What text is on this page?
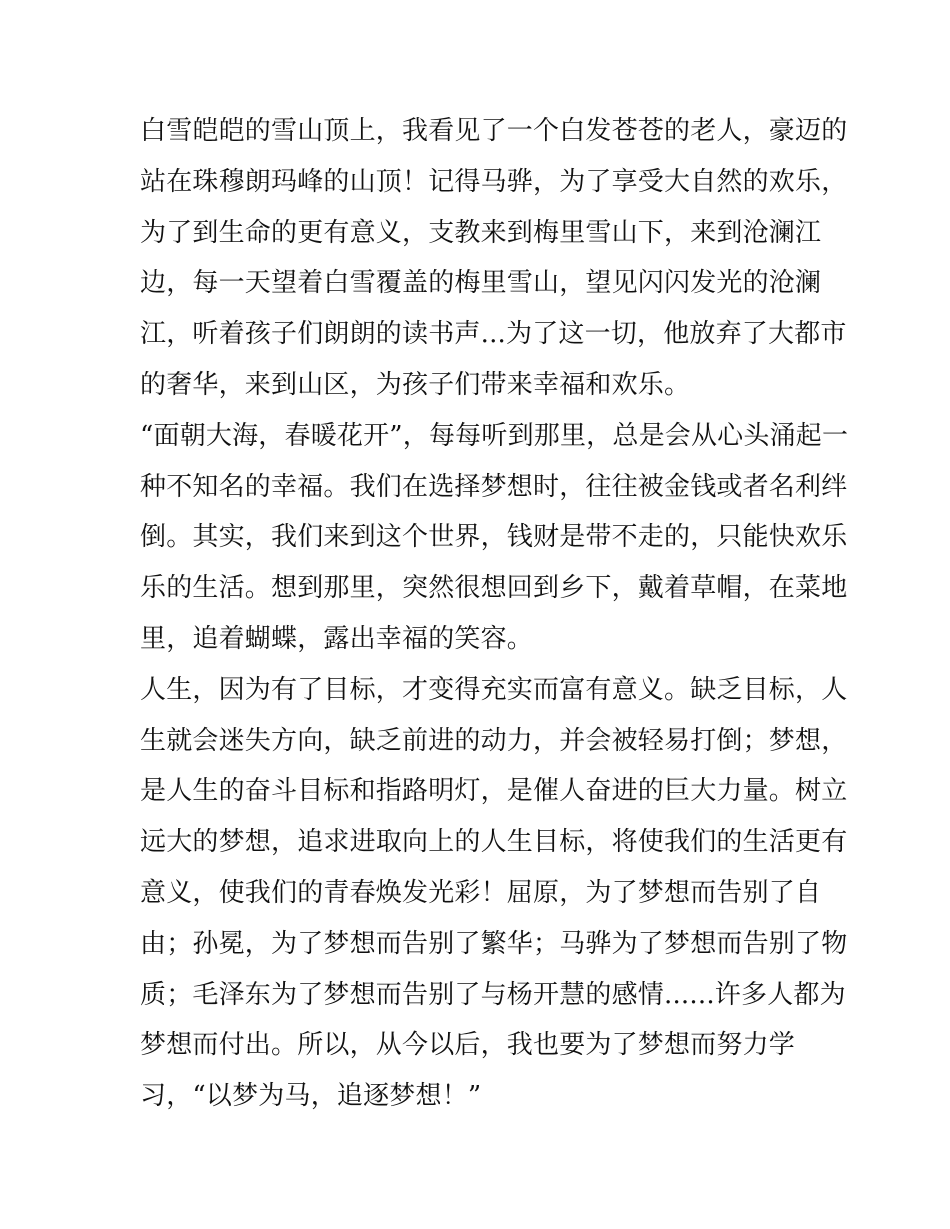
白雪皑皑的雪山顶上，我看见了一个白发苍苍的老人，豪迈的
站在珠穆朗玛峰的山顶！记得马骅，为了享受大自然的欢乐，
为了到生命的更有意义，支教来到梅里雪山下，来到沧澜江
边，每一天望着白雪覆盖的梅里雪山，望见闪闪发光的沧澜
江，听着孩子们朗朗的读书声...为了这一切，他放弃了大都市
的奢华，来到山区，为孩子们带来幸福和欢乐。
“面朝大海，春暖花开”，每每听到那里，总是会从心头涌起一
种不知名的幸福。我们在选择梦想时，往往被金钱或者名利绊
倒。其实，我们来到这个世界，钱财是带不走的，只能快欢乐
乐的生活。想到那里，突然很想回到乡下，戴着草帽，在菜地
里，追着蝴蝶，露出幸福的笑容。
人生，因为有了目标，才变得充实而富有意义。缺乏目标，人
生就会迷失方向，缺乏前进的动力，并会被轻易打倒；梦想，
是人生的奋斗目标和指路明灯，是催人奋进的巨大力量。树立
远大的梦想，追求进取向上的人生目标，将使我们的生活更有
意义，使我们的青春焕发光彩！屈原，为了梦想而告别了自
由；孙冕，为了梦想而告别了繁华；马骅为了梦想而告别了物
质；毛泽东为了梦想而告别了与杨开慧的感情......许多人都为
梦想而付出。所以，从今以后，我也要为了梦想而努力学
习，“以梦为马，追逐梦想！”
